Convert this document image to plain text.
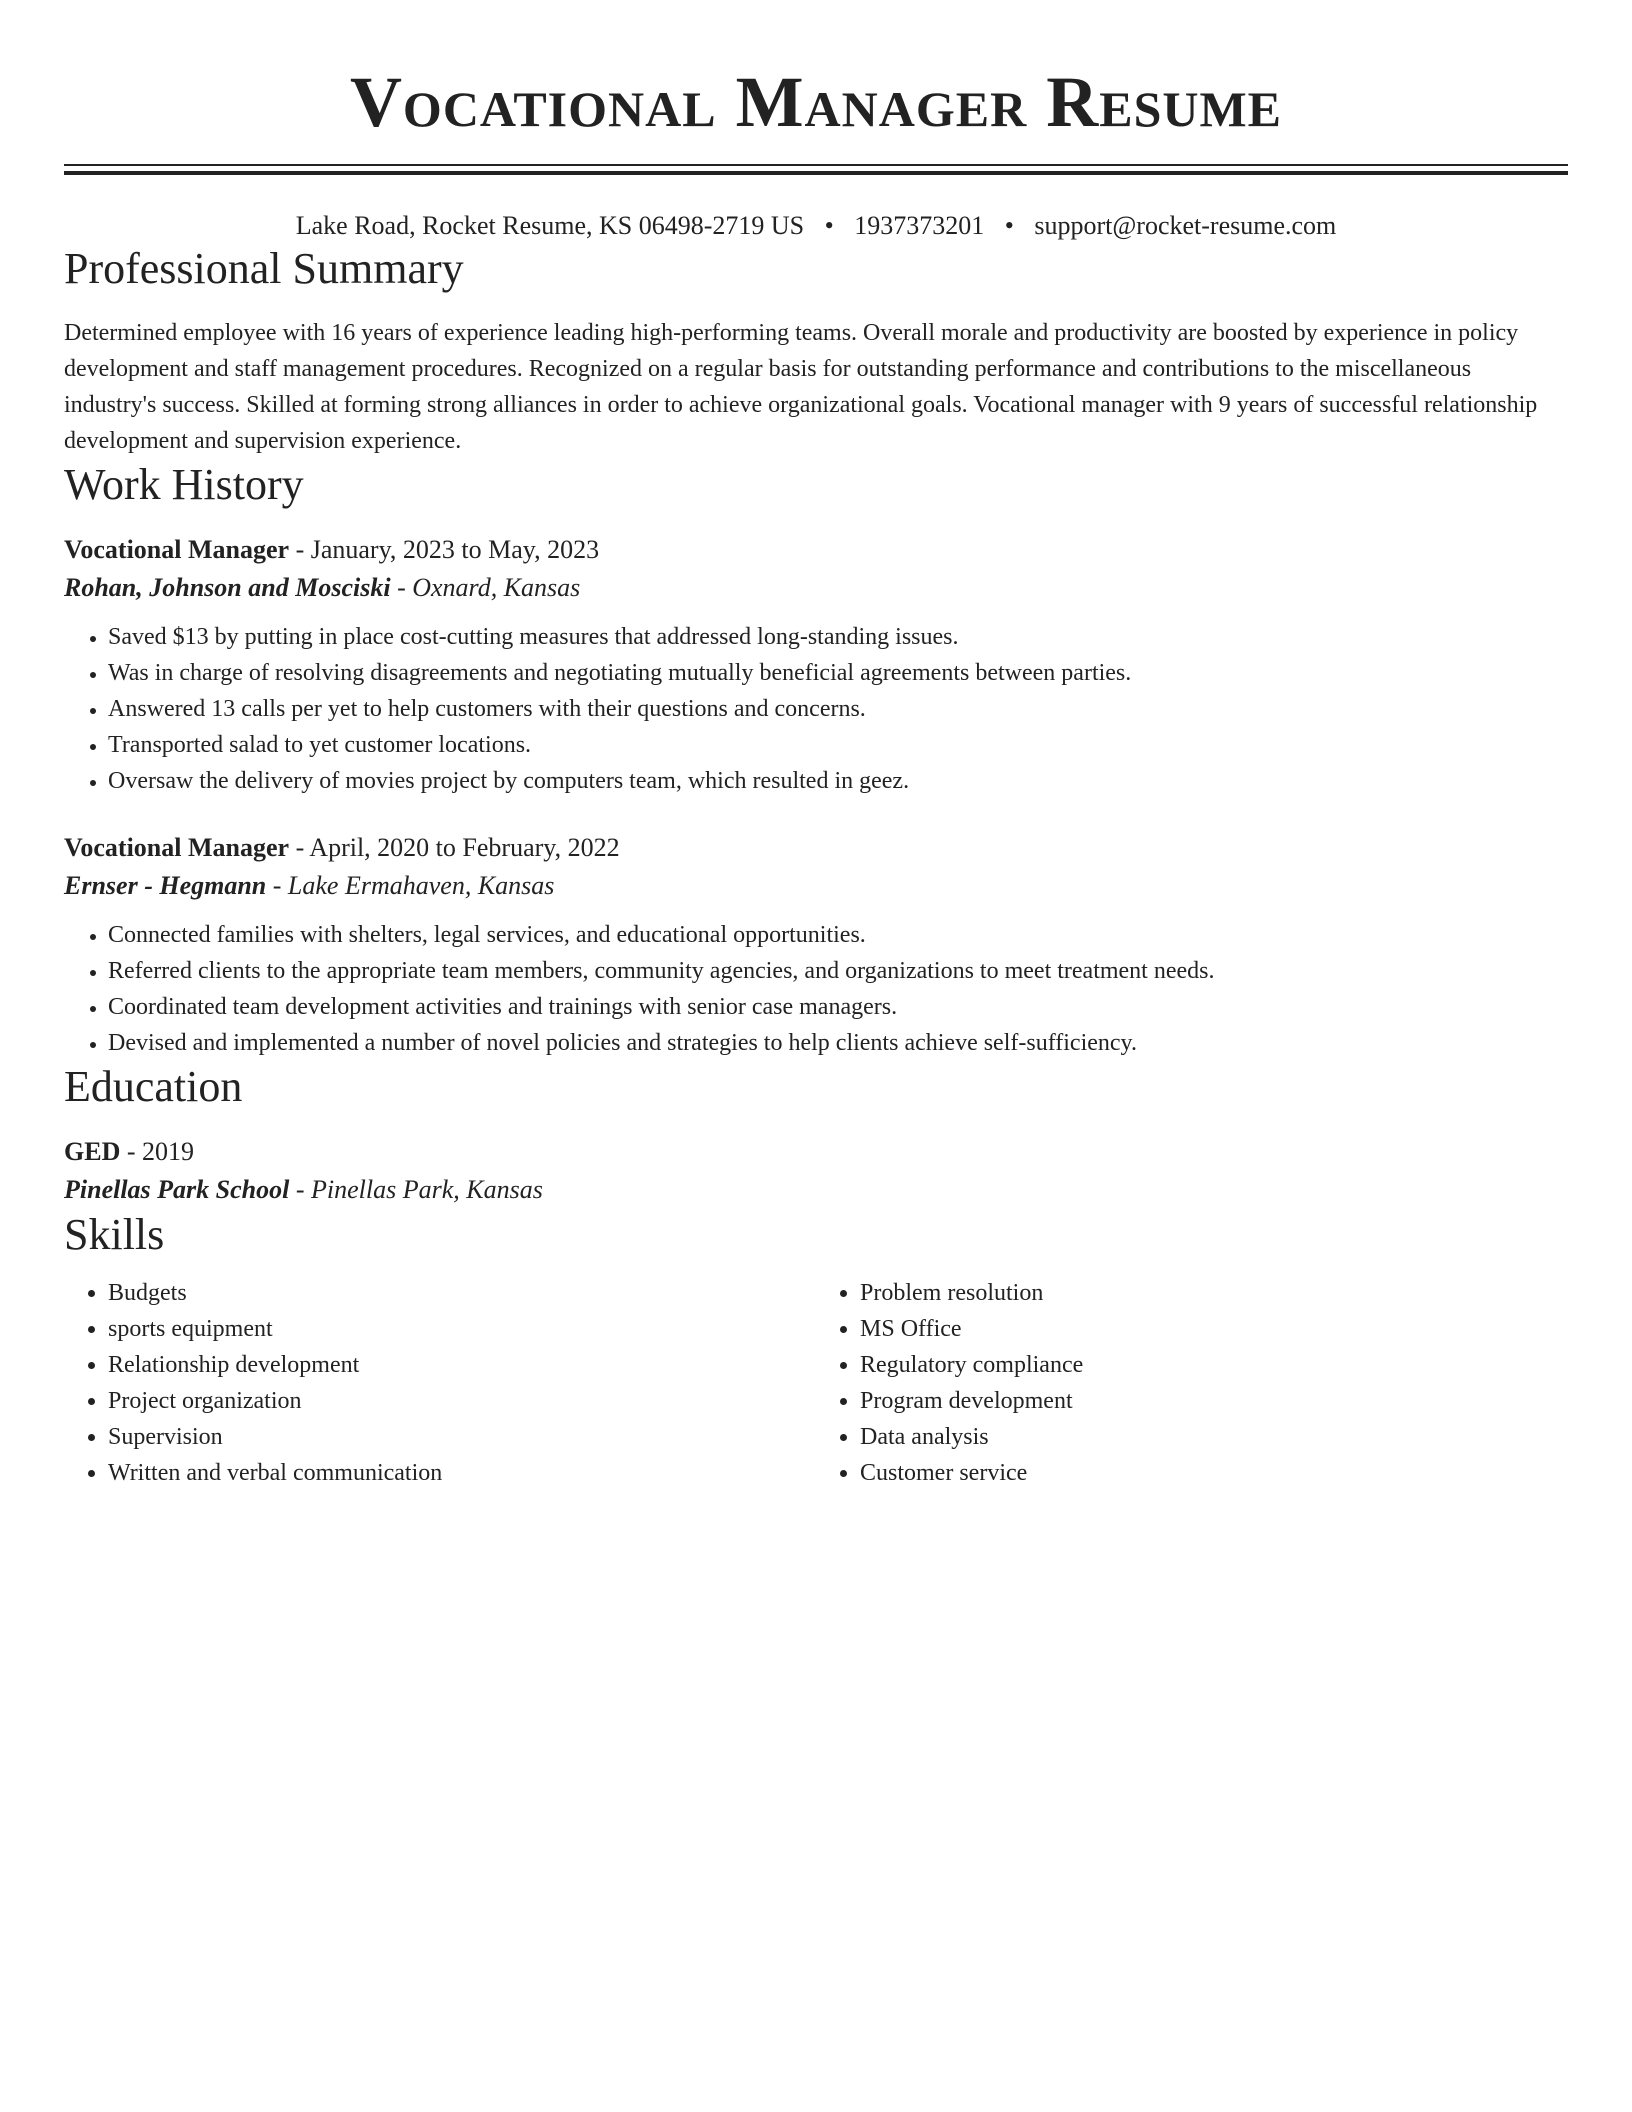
Vocational Manager Resume
Lake Road, Rocket Resume, KS 06498-2719 US • 1937373201 • support@rocket-resume.com
Professional Summary

Determined employee with 16 years of experience leading high-performing teams. Overall morale and productivity are boosted by experience in policy development and staff management procedures. Recognized on a regular basis for outstanding performance and contributions to the miscellaneous industry's success. Skilled at forming strong alliances in order to achieve organizational goals. Vocational manager with 9 years of successful relationship development and supervision experience.

Work History

Vocational Manager - January, 2023 to May, 2023

Rohan, Johnson and Mosciski - Oxnard, Kansas

• Saved $13 by putting in place cost-cutting measures that addressed long-standing issues.
• Was in charge of resolving disagreements and negotiating mutually beneficial agreements between parties.
• Answered 13 calls per yet to help customers with their questions and concerns.
• Transported salad to yet customer locations.
• Oversaw the delivery of movies project by computers team, which resulted in geez.

Vocational Manager - April, 2020 to February, 2022

Ernser - Hegmann - Lake Ermahaven, Kansas

• Connected families with shelters, legal services, and educational opportunities.
• Referred clients to the appropriate team members, community agencies, and organizations to meet treatment needs.
• Coordinated team development activities and trainings with senior case managers.
• Devised and implemented a number of novel policies and strategies to help clients achieve self-sufficiency.
Education

GED - 2019

Pinellas Park School - Pinellas Park, Kansas

Skills
• Budgets
• sports equipment
• Relationship development
• Project organization
• Supervision
• Written and verbal communication
• Problem resolution
• MS Office
• Regulatory compliance
• Program development
• Data analysis
• Customer service
